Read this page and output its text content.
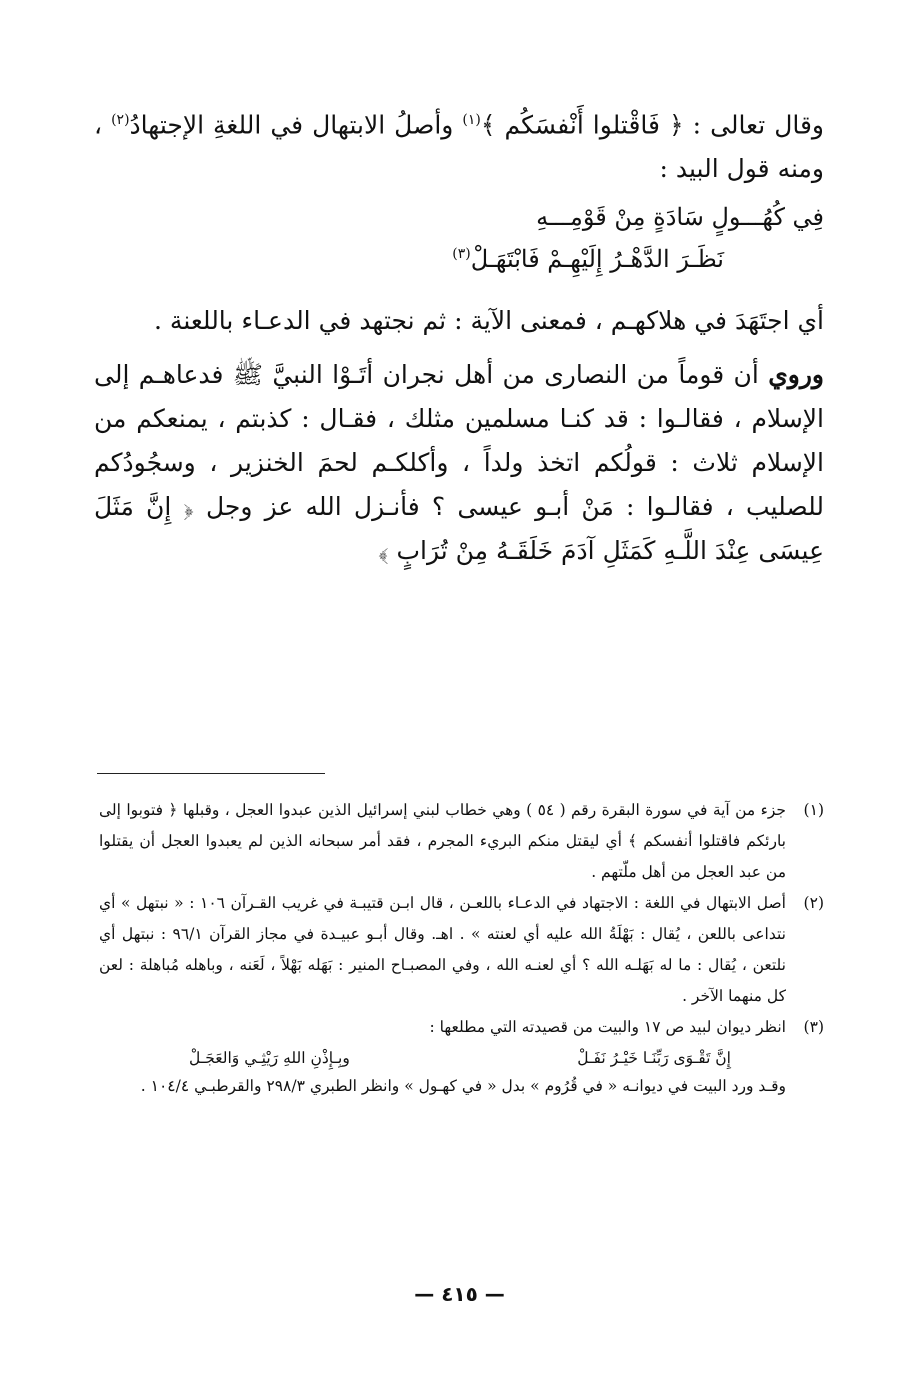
وقال تعالى : ﴿ فَاقْتلوا أَنْفسَكُم ﴾$^{(١)}$ وأصلُ الابتهال في اللغةِ الإجتهادُ$^{(٢)}$ ، ومنه قول البيد :

فِي كُهُـــولٍ سَادَةٍ مِنْ قَوْمِـــهِ
نَظَـرَ الدَّهْـرُ إِلَيْهِـمْ فَابْتَهَـلْ$^{(٣)}$

أي اجتَهَدَ في هلاكهـم ، فمعنى الآية : ثم نجتهد في الدعـاء باللعنة .

وروي أن قوماً من النصارى من أهل نجران أتَـوْا النبيَّ ﷺ فدعاهـم إلى الإسلام ، فقالـوا : قد كنـا مسلمين مثلك ، فقـال : كذبتم ، يمنعكم من الإسلام ثلاث : قولُكم اتخذ ولداً ، وأكلكـم لحمَ الخنزير ، وسجُودُكم للصليب ، فقالـوا : مَنْ أبـو عيسى ؟ فأنـزل الله عز وجل ﴿ إِنَّ مَثَلَ عِيسَى عِنْدَ اللَّـهِ كَمَثَلِ آدَمَ خَلَقَـهُ مِنْ تُرَابٍ ﴾

(١)
جزء من آية في سورة البقرة رقم ( ٥٤ ) وهي خطاب لبني إسرائيل الذين عبدوا العجل ، وقبلها ﴿ فتوبوا إلى بارئكم فاقتلوا أنفسكم ﴾ أي ليقتل منكم البريء المجرم ، فقد أمر سبحانه الذين لم يعبدوا العجل أن يقتلوا من عبد العجل من أهل ملّتهم .
(٢)
أصل الابتهال في اللغة : الاجتهاد في الدعـاء باللعـن ، قال ابـن قتيبـة في غريب القـرآن ١٠٦ : « نبتهل » أي نتداعى باللعن ، يُقال : بَهْلَةُ الله عليه أي لعنته » . اهـ. وقال أبـو عبيـدة في مجاز القرآن ٩٦/١ : نبتهل أي نلتعن ، يُقال : ما له بَهَلـه الله ؟ أي لعنـه الله ، وفي المصبـاح المنير : بَهَله بَهْلاً ، لَعَنه ، وباهله مُباهلة : لعن كل منهما الآخر .
(٣)
انظر ديوان لبيد ص ١٧ والبيت من قصيدته التي مطلعها :
إِنَّ تَقْـوَى رَبِّنَـا خَيْـرُ نَفَـلْ
وبِـإِذْنِ اللهِ رَيْثِـي وَالعَجَـلْ
وقـد ورد البيت في ديوانـه « في قُرُوم » بدل « في كهـول » وانظر الطبري ٢٩٨/٣ والقرطبـي ١٠٤/٤ .
— ٤١٥ —
